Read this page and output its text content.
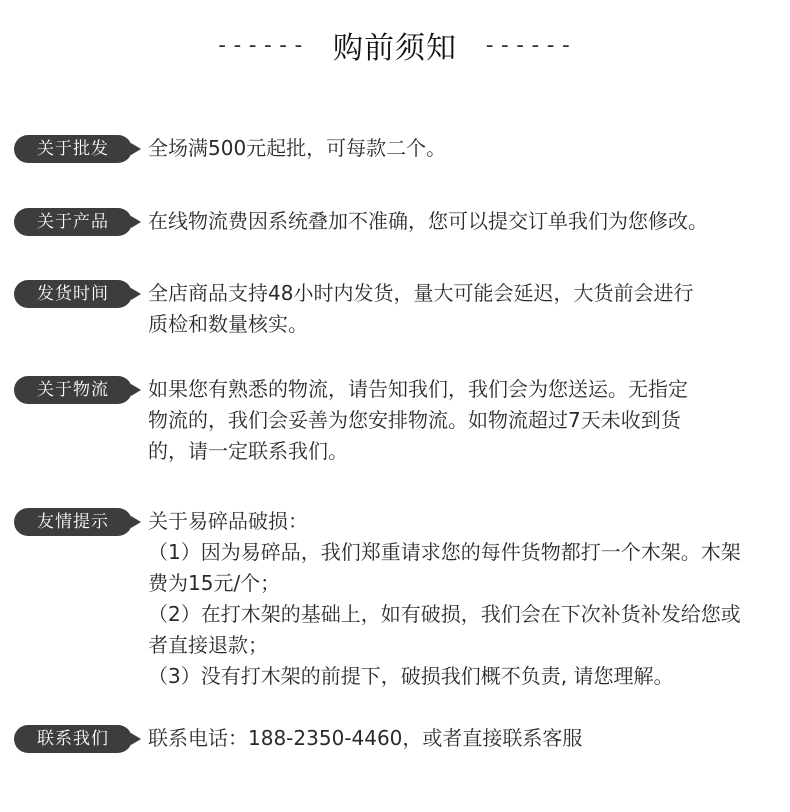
------ 购前须知 ------
关于批发	全场满500元起批，可每款二个。
关于产品	在线物流费因系统叠加不准确，您可以提交订单我们为您修改。
发货时间	全店商品支持48小时内发货，量大可能会延迟，大货前会进行
质检和数量核实。
关于物流	如果您有熟悉的物流，请告知我们，我们会为您送运。无指定
物流的，我们会妥善为您安排物流。如物流超过7天未收到货
的，请一定联系我们。
友情提示	关于易碎品破损：
（1）因为易碎品，我们郑重请求您的每件货物都打一个木架。木架
费为15元/个；
（2）在打木架的基础上，如有破损，我们会在下次补货补发给您或
者直接退款；
（3）没有打木架的前提下，破损我们概不负责, 请您理解。
联系我们	联系电话：188-2350-4460，或者直接联系客服
